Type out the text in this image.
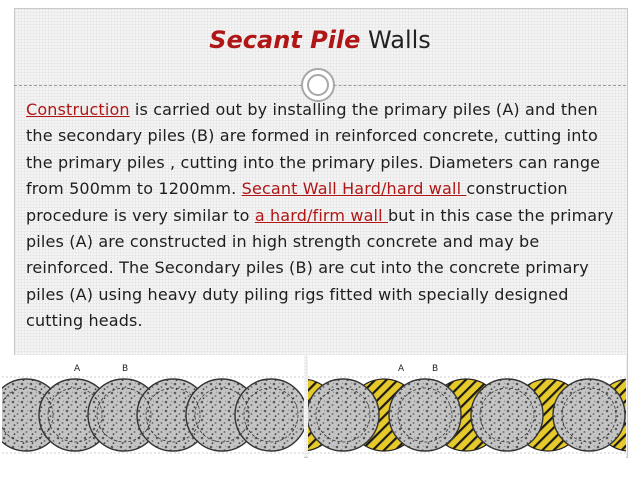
Secant Pile Walls
Construction is carried out by installing the primary piles (A) and then the secondary piles (B) are formed in reinforced concrete, cutting into the primary piles , cutting into the primary piles. Diameters can range from 500mm to 1200mm. Secant Wall Hard/hard wall construction procedure is very similar to a hard/firm wall but in this case the primary piles (A) are constructed in high strength concrete and may be reinforced. The Secondary piles (B) are cut into the concrete primary piles (A) using heavy duty piling rigs fitted with specially designed cutting heads.
A	B	A	B
